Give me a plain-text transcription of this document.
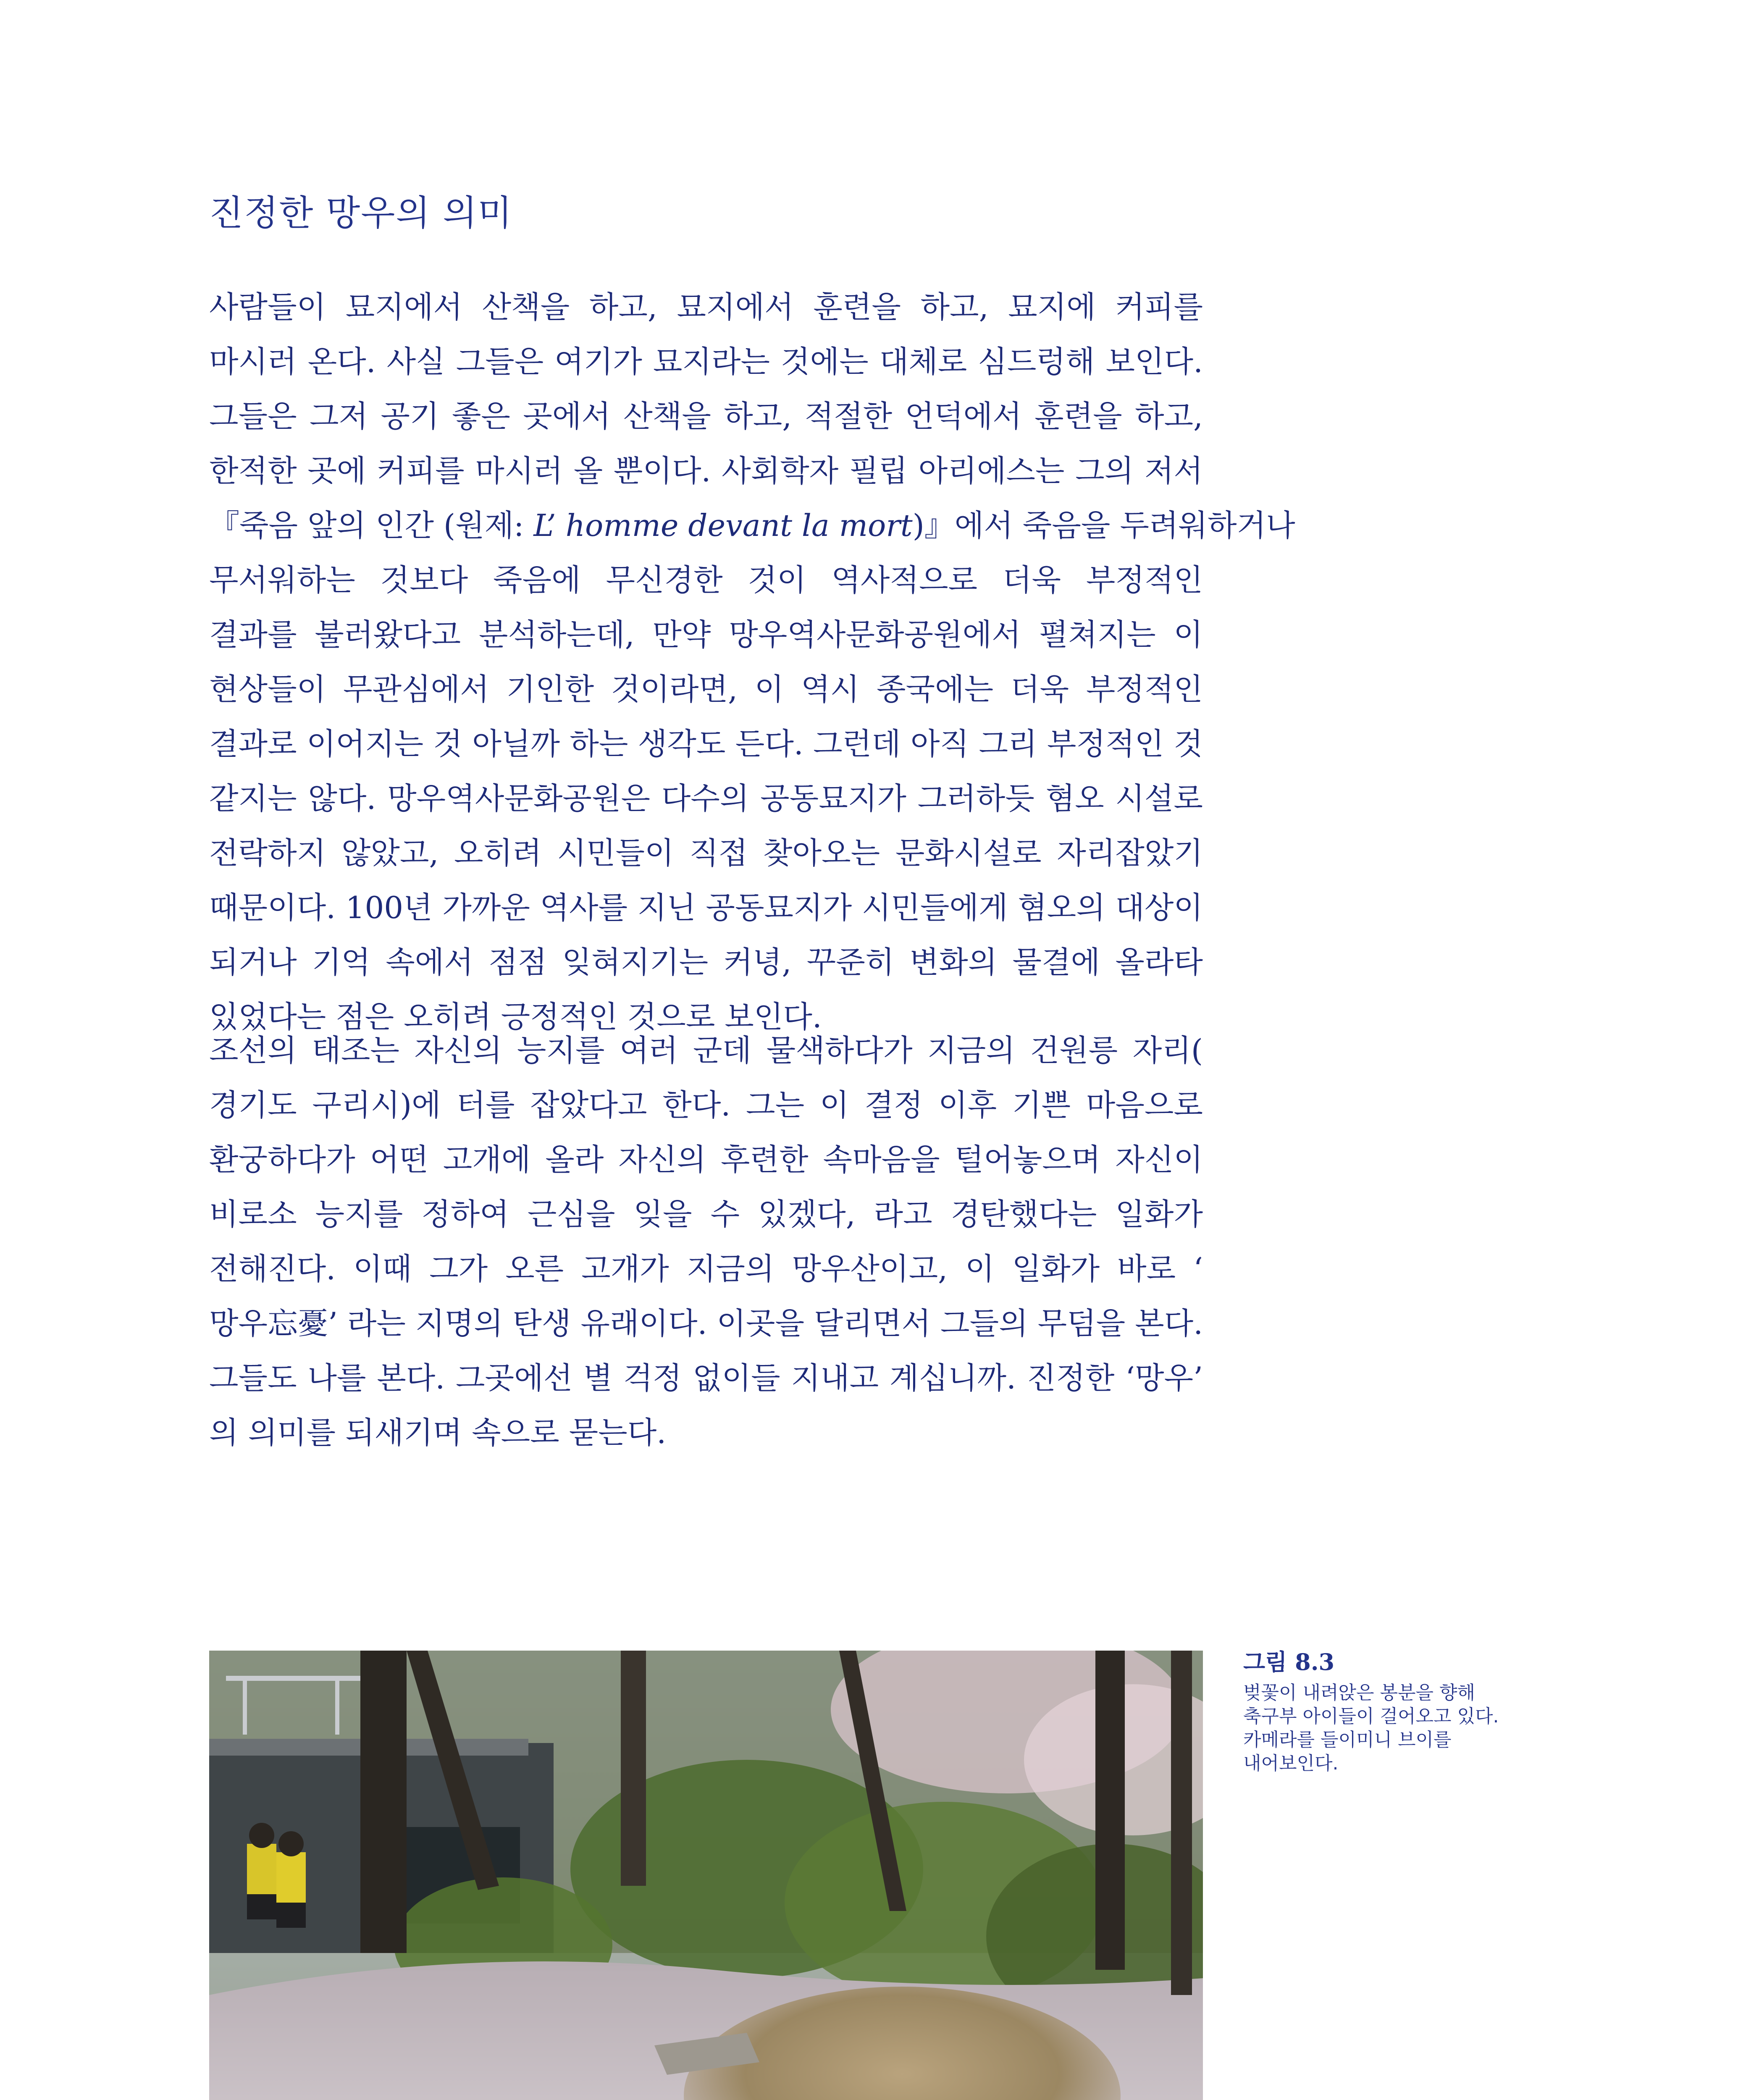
진정한 망우의 의미
사람들이 묘지에서 산책을 하고, 묘지에서 훈련을 하고, 묘지에 커피를
마시러 온다. 사실 그들은 여기가 묘지라는 것에는 대체로 심드렁해 보인다.
그들은 그저 공기 좋은 곳에서 산책을 하고, 적절한 언덕에서 훈련을 하고,
한적한 곳에 커피를 마시러 올 뿐이다. 사회학자 필립 아리에스는 그의 저서
『죽음 앞의 인간 (원제: L’ homme devant la mort)』에서 죽음을 두려워하거나
무서워하는 것보다 죽음에 무신경한 것이 역사적으로 더욱 부정적인
결과를 불러왔다고 분석하는데, 만약 망우역사문화공원에서 펼쳐지는 이
현상들이 무관심에서 기인한 것이라면, 이 역시 종국에는 더욱 부정적인
결과로 이어지는 것 아닐까 하는 생각도 든다. 그런데 아직 그리 부정적인 것
같지는 않다. 망우역사문화공원은 다수의 공동묘지가 그러하듯 혐오 시설로
전락하지 않았고, 오히려 시민들이 직접 찾아오는 문화시설로 자리잡았기
때문이다. 100년 가까운 역사를 지닌 공동묘지가 시민들에게 혐오의 대상이
되거나 기억 속에서 점점 잊혀지기는 커녕, 꾸준히 변화의 물결에 올라타
있었다는 점은 오히려 긍정적인 것으로 보인다.
조선의 태조는 자신의 능지를 여러 군데 물색하다가 지금의 건원릉 자리(
경기도 구리시)에 터를 잡았다고 한다. 그는 이 결정 이후 기쁜 마음으로
환궁하다가 어떤 고개에 올라 자신의 후련한 속마음을 털어놓으며 자신이
비로소 능지를 정하여 근심을 잊을 수 있겠다, 라고 경탄했다는 일화가
전해진다. 이때 그가 오른 고개가 지금의 망우산이고, 이 일화가 바로 ‘
망우忘憂’ 라는 지명의 탄생 유래이다. 이곳을 달리면서 그들의 무덤을 본다.
그들도 나를 본다. 그곳에선 별 걱정 없이들 지내고 계십니까. 진정한 ‘망우’
의 의미를 되새기며 속으로 묻는다.

그림 8.3

벚꽃이 내려앉은 봉분을 향해
축구부 아이들이 걸어오고 있다.
카메라를 들이미니 브이를
내어보인다.
